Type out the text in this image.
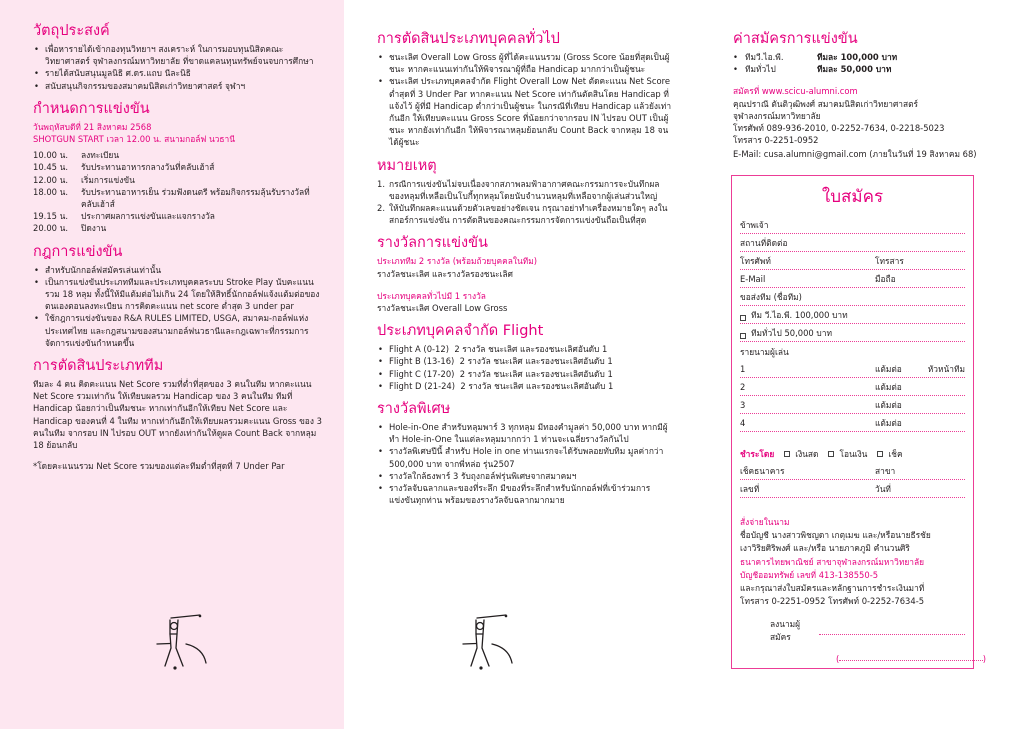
วัตถุประสงค์
• เพื่อหารายได้เข้ากองทุนวิทยาฯ สงเคราะห์ ในการมอบทุนนิสิตคณะวิทยาศาสตร์ จุฬาลงกรณ์มหาวิทยาลัย ที่ขาดแคลนทุนทรัพย์จนจบการศึกษา
• รายได้สนับสนุนมูลนิธิ ศ.ดร.แถบ นีละนิธิ
• สนับสนุนกิจกรรมของสมาคมนิสิตเก่าวิทยาศาสตร์ จุฬาฯ
กำหนดการแข่งขัน
วันพฤหัสบดีที่ 21 สิงหาคม 2568
SHOTGUN START เวลา 12.00 น. สนามกอล์ฟ นวธานี
10.00 น.	ลงทะเบียน
10.45 น.	รับประทานอาหารกลางวันที่คลับเฮ้าส์
12.00 น.	เริ่มการแข่งขัน
18.00 น.	รับประทานอาหารเย็น ร่วมฟังดนตรี พร้อมกิจกรรมลุ้นรับรางวัลที่คลับเฮ้าส์
19.15 น.	ประกาศผลการแข่งขันและแจกรางวัล
20.00 น.	ปิดงาน
กฎการแข่งขัน
• สำหรับนักกอล์ฟสมัครเล่นเท่านั้น
• เป็นการแข่งขันประเภททีมและประเภทบุคคลระบบ Stroke Play นับคะแนนรวม 18 หลุม ทั้งนี้ให้มีแต้มต่อไม่เกิน 24 โดยให้สิทธิ์นักกอล์ฟแจ้งแต้มต่อของตนเองตอนลงทะเบียน การคิดคะแนน net score ต่ำสุด 3 under par
• ใช้กฎการแข่งขันของ R&A RULES LIMITED, USGA, สมาคม-กอล์ฟแห่งประเทศไทย และกฎสนามของสนามกอล์ฟนวธานีและกฎเฉพาะที่กรรมการจัดการแข่งขันกำหนดขึ้น
การตัดสินประเภททีม

ทีมละ 4 คน คิดคะแนน Net Score รวมที่ต่ำที่สุดของ 3 คนในทีม หากคะแนน Net Score รวมเท่ากัน ให้เทียบผลรวม Handicap ของ 3 คนในทีม ทีมที่ Handicap น้อยกว่าเป็นทีมชนะ หากเท่ากันอีกให้เทียบ Net Score และ Handicap ของคนที่ 4 ในทีม หากเท่ากันอีกให้เทียบผลรวมคะแนน Gross ของ 3 คนในทีม จากรอบ IN ไปรอบ OUT หากยังเท่ากันให้ดูผล Count Back จากหลุม 18 ย้อนกลับ

*โดยคะแนนรวม Net Score รวมของแต่ละทีมต่ำที่สุดที่ 7 Under Par

การตัดสินประเภทบุคคลทั่วไป
• ชนะเลิศ Overall Low Gross ผู้ที่ได้คะแนนรวม (Gross Score น้อยที่สุดเป็นผู้ชนะ หากคะแนนเท่ากันให้พิจารณาผู้ที่ถือ Handicap มากกว่าเป็นผู้ชนะ
• ชนะเลิศ ประเภทบุคคลจำกัด Flight Overall Low Net ตัดคะแนน Net Score ต่ำสุดที่ 3 Under Par หากคะแนน Net Score เท่ากันตัดสินโดย Handicap ที่แจ้งไว้ ผู้ที่มี Handicap ต่ำกว่าเป็นผู้ชนะ ในกรณีที่เทียบ Handicap แล้วยังเท่ากันอีก ให้เทียบคะแนน Gross Score ที่น้อยกว่าจากรอบ IN ไปรอบ OUT เป็นผู้ชนะ หากยังเท่ากันอีก ให้พิจารณาหลุมย้อนกลับ Count Back จากหลุม 18 จนได้ผู้ชนะ
หมายเหตุ
1. กรณีการแข่งขันไม่จบเนื่องจากสภาพลมฟ้าอากาศคณะกรรมการจะบันทึกผลของหลุมที่เหลือเป็นโบกี้ทุกหลุมโดยนับจำนวนหลุมที่เหลือจากผู้เล่นส่วนใหญ่
2. ให้บันทึกผลคะแนนด้วยตัวเลขอย่างชัดเจน กรุณาอย่าทำเครื่องหมายใดๆ ลงในสกอร์การแข่งขัน การตัดสินของคณะกรรมการจัดการแข่งขันถือเป็นที่สุด
รางวัลการแข่งขัน
ประเภททีม 2 รางวัล (พร้อมถ้วยบุคคลในทีม)
รางวัลชนะเลิศ และรางวัลรองชนะเลิศ
ประเภทบุคคลทั่วไปมี 1 รางวัล
รางวัลชนะเลิศ Overall Low Gross
ประเภทบุคคลจำกัด Flight
• Flight A (0-12) 2 รางวัล ชนะเลิศ และรองชนะเลิศอันดับ 1
• Flight B (13-16) 2 รางวัล ชนะเลิศ และรองชนะเลิศอันดับ 1
• Flight C (17-20) 2 รางวัล ชนะเลิศ และรองชนะเลิศอันดับ 1
• Flight D (21-24) 2 รางวัล ชนะเลิศ และรองชนะเลิศอันดับ 1
รางวัลพิเศษ
• Hole-in-One สำหรับหลุมพาร์ 3 ทุกหลุม มีทองคำมูลค่า 50,000 บาท หากมีผู้ทำ Hole-in-One ในแต่ละหลุมมากกว่า 1 ท่านจะเฉลี่ยรางวัลกันไป
• รางวัลพิเศษปีนี้ สำหรับ Hole in one ท่านแรกจะได้รับพลอยทับทิม มูลค่ากว่า 500,000 บาท จากพี่หล่อ รุ่น2507
• รางวัลใกล้ธงพาร์ 3 รับถุงกอล์ฟรุ่นพิเศษจากสมาคมฯ
• รางวัลจับฉลากและของที่ระลึก มีของที่ระลึกสำหรับนักกอล์ฟที่เข้าร่วมการแข่งขันทุกท่าน พร้อมของรางวัลจับฉลากมากมาย
ค่าสมัครการแข่งขัน
• ทีมวี.ไอ.พี.	ทีมละ 100,000 บาท
• ทีมทั่วไป	ทีมละ 50,000 บาท
สมัครที่ www.scicu-alumni.com
คุณปราณี ตันติวุฒิพงศ์ สมาคมนิสิตเก่าวิทยาศาสตร์
จุฬาลงกรณ์มหาวิทยาลัย
โทรศัพท์ 089-936-2010, 0-2252-7634, 0-2218-5023
โทรสาร 0-2251-0952
E-Mail: cusa.alumni@gmail.com (ภายในวันที่ 19 สิงหาคม 68)
ใบสมัคร
ข้าพเจ้า
สถานที่ติดต่อ
โทรศัพท์	โทรสาร
E-Mail	มือถือ
ขอส่งทีม (ชื่อทีม)
ทีม วี.ไอ.พี. 100,000 บาท
ทีมทั่วไป 50,000 บาท
รายนามผู้เล่น
1	แต้มต่อ	หัวหน้าทีม
2	แต้มต่อ
3	แต้มต่อ
4	แต้มต่อ
ชำระโดย	เงินสด	โอนเงิน	เช็ค
เช็คธนาคาร	สาขา
เลขที่	วันที่
สั่งจ่ายในนาม
ชื่อบัญชี นางสาวพิชญดา เกตุเมฆ และ/หรือนายธีรชัย
เงาวิริยศิริพงศ์ และ/หรือ นายภาคภูมิ คำนวนศิริ
ธนาคารไทยพาณิชย์ สาขาจุฬาลงกรณ์มหาวิทยาลัย
บัญชีออมทรัพย์ เลขที่ 413-138550-5
และกรุณาส่งใบสมัครและหลักฐานการชำระเงินมาที่
โทรสาร 0-2251-0952 โทรศัพท์ 0-2252-7634-5
ลงนามผู้สมัคร
(	)
